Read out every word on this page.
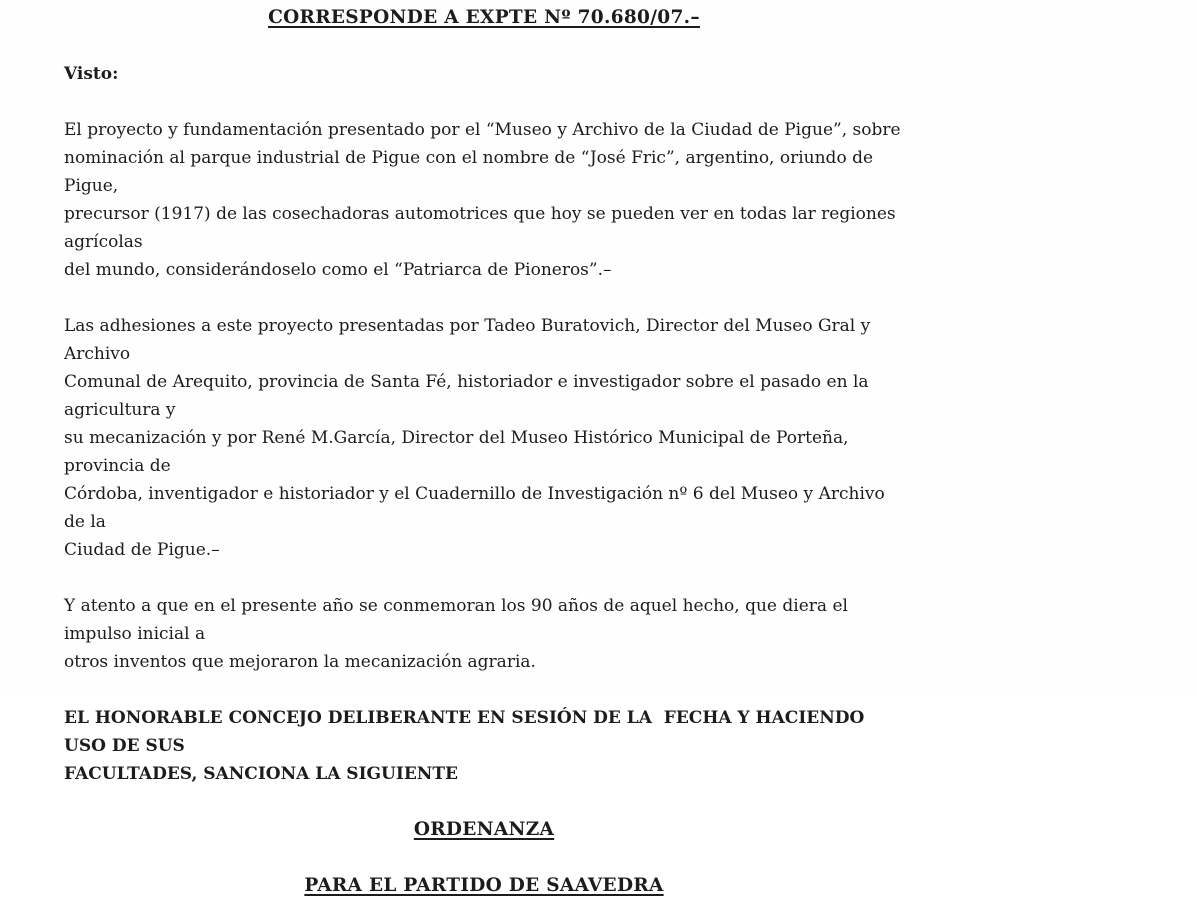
CORRESPONDE A EXPTE Nº 70.680/07.–
Visto:
El proyecto y fundamentación presentado por el “Museo y Archivo de la Ciudad de Pigue”, sobre
nominación al parque industrial de Pigue con el nombre de “José Fric”, argentino, oriundo de Pigue,
precursor (1917) de las cosechadoras automotrices que hoy se pueden ver en todas lar regiones agrícolas
del mundo, considerándoselo como el “Patriarca de Pioneros”.–
Las adhesiones a este proyecto presentadas por Tadeo Buratovich, Director del Museo Gral y Archivo
Comunal de Arequito, provincia de Santa Fé, historiador e investigador sobre el pasado en la agricultura y
su mecanización y por René M.García, Director del Museo Histórico Municipal de Porteña, provincia de
Córdoba, inventigador e historiador y el Cuadernillo de Investigación nº 6 del Museo y Archivo de la
Ciudad de Pigue.–
Y atento a que en el presente año se conmemoran los 90 años de aquel hecho, que diera el impulso inicial a
otros inventos que mejoraron la mecanización agraria.
EL HONORABLE CONCEJO DELIBERANTE EN SESIÓN DE LA  FECHA Y HACIENDO USO DE SUS
FACULTADES, SANCIONA LA SIGUIENTE
ORDENANZA
PARA EL PARTIDO DE SAAVEDRA
